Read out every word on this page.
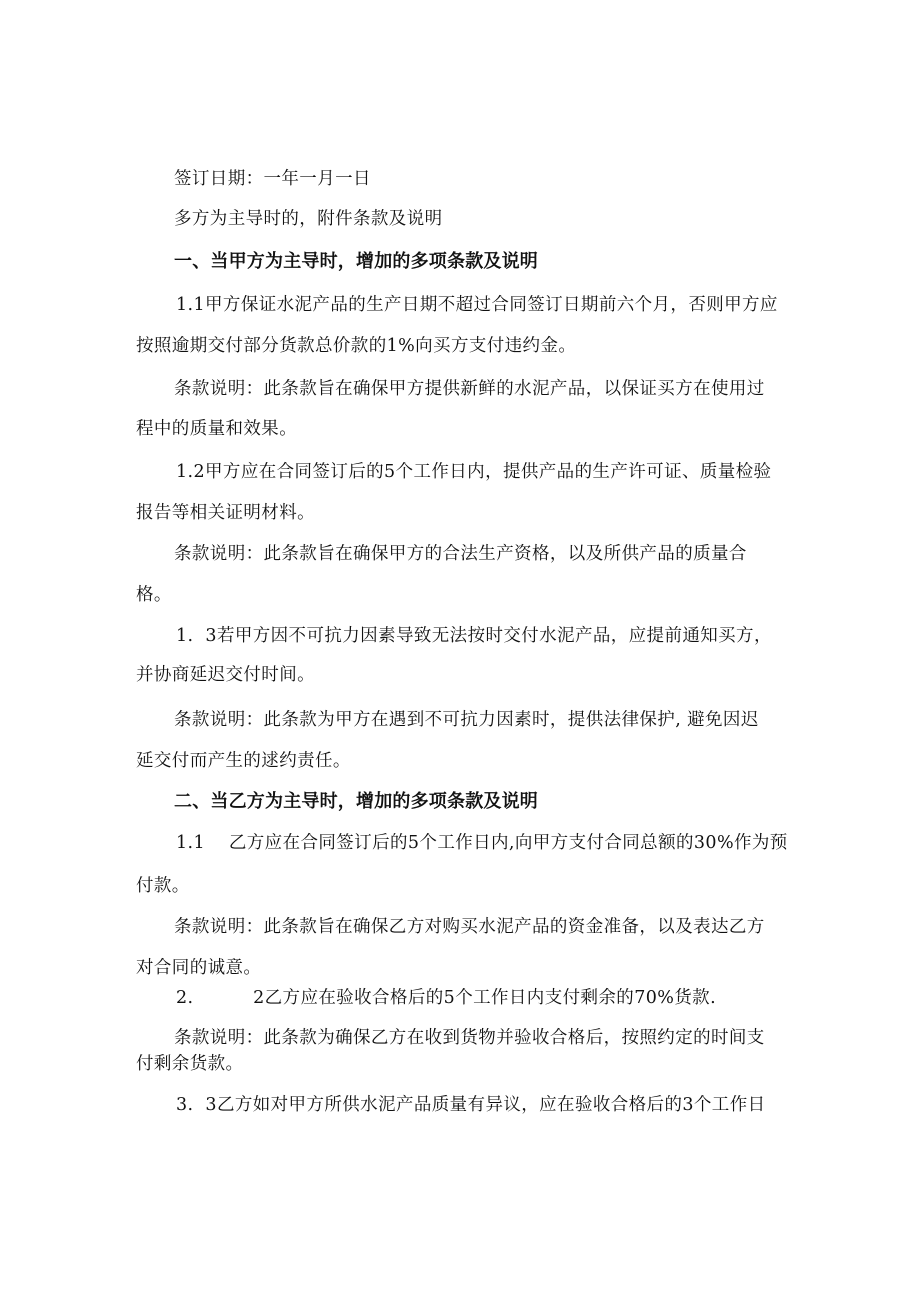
签订日期：一年一月一日
多方为主导时的，附件条款及说明
一、当甲方为主导时，增加的多项条款及说明
1.1甲方保证水泥产品的生产日期不超过合同签订日期前六个月，否则甲方应
按照逾期交付部分货款总价款的1%向买方支付违约金。
条款说明：此条款旨在确保甲方提供新鲜的水泥产品，以保证买方在使用过
程中的质量和效果。
1.2甲方应在合同签订后的5个工作日内，提供产品的生产许可证、质量检验
报告等相关证明材料。
条款说明：此条款旨在确保甲方的合法生产资格，以及所供产品的质量合
格。
1.  3若甲方因不可抗力因素导致无法按时交付水泥产品，应提前通知买方，
并协商延迟交付时间。
条款说明：此条款为甲方在遇到不可抗力因素时，提供法律保护, 避免因迟
延交付而产生的逑约责任。
二、当乙方为主导时，增加的多项条款及说明
1.1    乙方应在合同签订后的5个工作日内,向甲方支付合同总额的30%作为预
付款。
条款说明：此条款旨在确保乙方对购买水泥产品的资金准备，以及表达乙方
对合同的诚意。
2.          2乙方应在验收合格后的5个工作日内支付剩余的70%货款.
条款说明：此条款为确保乙方在收到货物并验收合格后，按照约定的时间支
付剩余货款。
3.  3乙方如对甲方所供水泥产品质量有异议，应在验收合格后的3个工作日
